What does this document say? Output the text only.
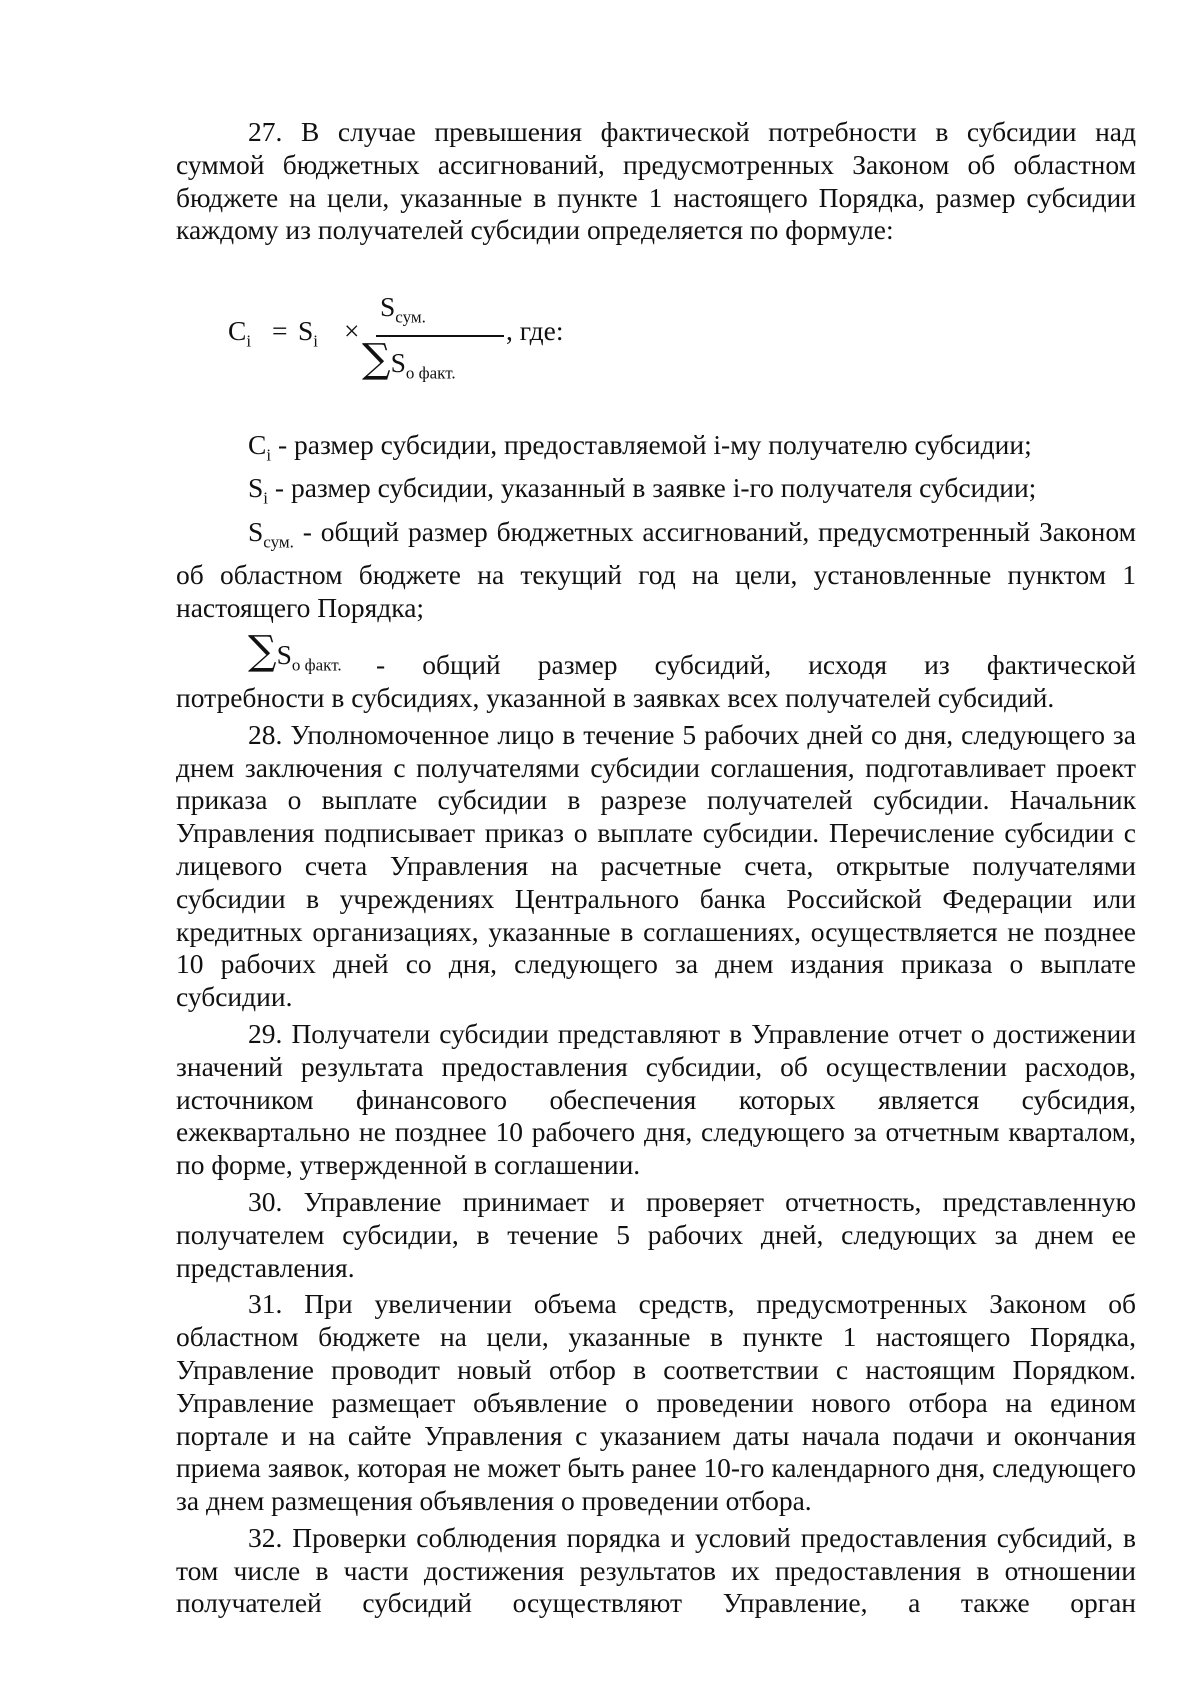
27. В случае превышения фактической потребности в субсидии над суммой бюджетных ассигнований, предусмотренных Законом об областном бюджете на цели, указанные в пункте 1 настоящего Порядка, размер субсидии каждому из получателей субсидии определяется по формуле:

$C_i = S_i$ ×
$S_{сум.}$
$\sum S_{о факт.}$
, где:

$C_i$ - размер субсидии, предоставляемой i-му получателю субсидии;

$S_i$ - размер субсидии, указанный в заявке i-го получателя субсидии;

$S_{сум.}$ - общий размер бюджетных ассигнований, предусмотренный Законом об областном бюджете на текущий год на цели, установленные пунктом 1 настоящего Порядка;

$\sum S_{о факт.}$	- общий размер субсидий, исходя из фактической

потребности в субсидиях, указанной в заявках всех получателей субсидий.

28. Уполномоченное лицо в течение 5 рабочих дней со дня, следующего за днем заключения с получателями субсидии соглашения, подготавливает проект приказа о выплате субсидии в разрезе получателей субсидии. Начальник Управления подписывает приказ о выплате субсидии. Перечисление субсидии с лицевого счета Управления на расчетные счета, открытые получателями субсидии в учреждениях Центрального банка Российской Федерации или кредитных организациях, указанные в соглашениях, осуществляется не позднее 10 рабочих дней со дня, следующего за днем издания приказа о выплате субсидии.

29. Получатели субсидии представляют в Управление отчет о достижении значений результата предоставления субсидии, об осуществлении расходов, источником финансового обеспечения которых является субсидия, ежеквартально не позднее 10 рабочего дня, следующего за отчетным кварталом, по форме, утвержденной в соглашении.

30. Управление принимает и проверяет отчетность, представленную получателем субсидии, в течение 5 рабочих дней, следующих за днем ее представления.

31. При увеличении объема средств, предусмотренных Законом об областном бюджете на цели, указанные в пункте 1 настоящего Порядка, Управление проводит новый отбор в соответствии с настоящим Порядком. Управление размещает объявление о проведении нового отбора на едином портале и на сайте Управления с указанием даты начала подачи и окончания приема заявок, которая не может быть ранее 10-го календарного дня, следующего за днем размещения объявления о проведении отбора.

32. Проверки соблюдения порядка и условий предоставления субсидий, в том числе в части достижения результатов их предоставления в отношении получателей субсидий осуществляют Управление, а также орган
